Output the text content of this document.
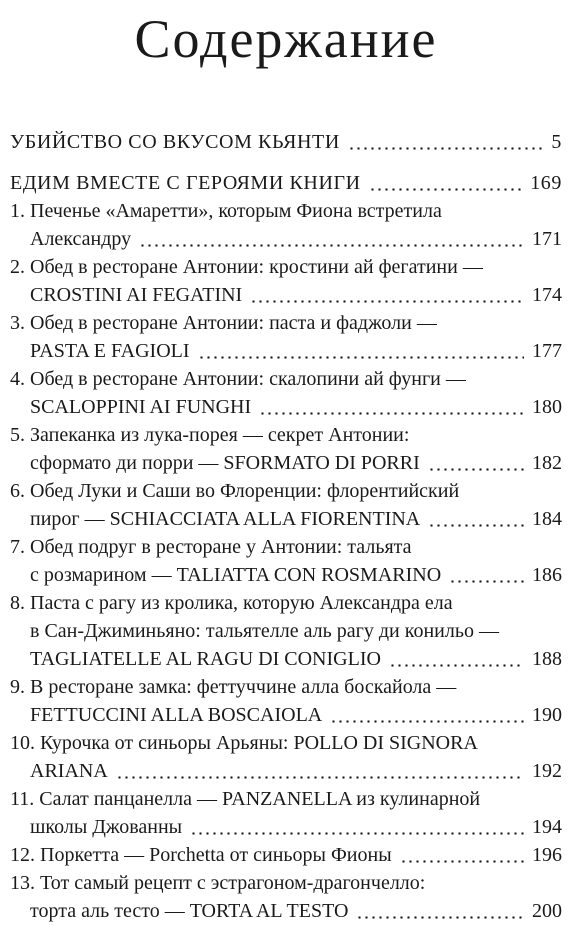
Содержание
УБИЙСТВО СО ВКУСОМ КЬЯНТИ	5
ЕДИМ ВМЕСТЕ С ГЕРОЯМИ КНИГИ	169
1. Печенье «Амаретти», которым Фиона встретила
Александру	171
2. Обед в ресторане Антонии: кростини ай фегатини —
CROSTINI AI FEGATINI	174
3. Обед в ресторане Антонии: паста и фаджоли —
PASTA E FAGIOLI	177
4. Обед в ресторане Антонии: скалопини ай фунги —
SCALOPPINI AI FUNGHI	180
5. Запеканка из лука-порея — секрет Антонии:
сформато ди порри — SFORMATO DI PORRI	182
6. Обед Луки и Саши во Флоренции: флорентийский
пирог — SCHIACCIATA ALLA FIORENTINA	184
7. Обед подруг в ресторане у Антонии: тальята
с розмарином — TALIATTA CON ROSMARINO	186
8. Паста с рагу из кролика, которую Александра ела
в Сан-Джиминьяно: тальятелле аль рагу ди конильо —
TAGLIATELLE AL RAGU DI CONIGLIO	188
9. В ресторане замка: феттуччине алла боскайола —
FETTUCCINI ALLA BOSCAIOLA	190
10. Курочка от синьоры Арьяны: POLLO DI SIGNORA
ARIANA	192
11. Салат панцанелла — PANZANELLA из кулинарной
школы Джованны	194
12. Поркетта — Porchetta от синьоры Фионы	196
13. Тот самый рецепт с эстрагоном-драгончелло:
торта аль тесто — TORTA AL TESTO	200
